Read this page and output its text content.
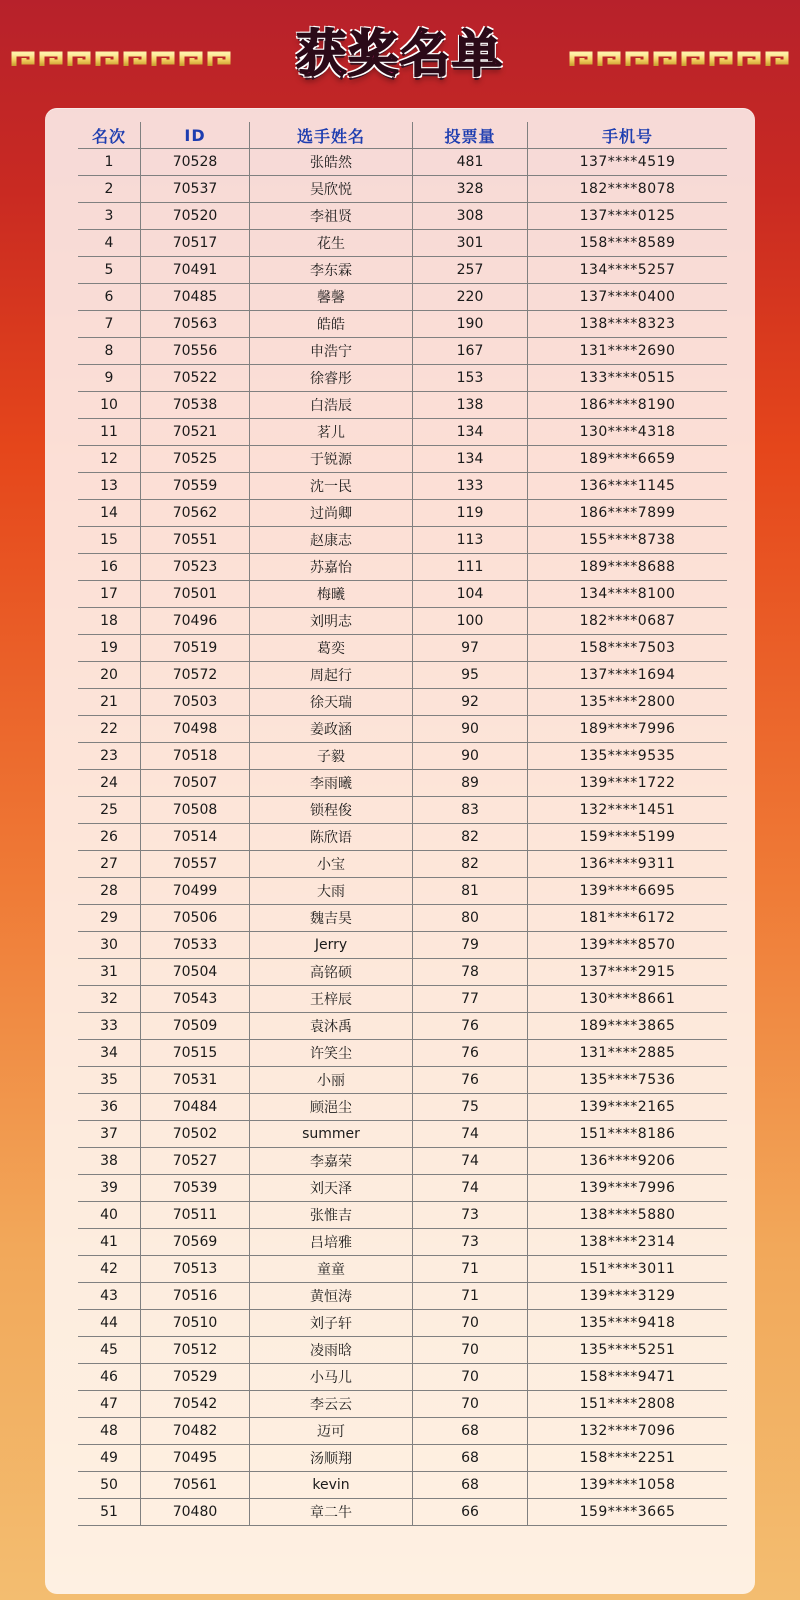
获奖名单
名次	ID	选手姓名	投票量	手机号
1	70528	张皓然	481	137****4519
2	70537	吴欣悦	328	182****8078
3	70520	李祖贤	308	137****0125
4	70517	花生	301	158****8589
5	70491	李东霖	257	134****5257
6	70485	馨馨	220	137****0400
7	70563	皓皓	190	138****8323
8	70556	申浩宁	167	131****2690
9	70522	徐睿彤	153	133****0515
10	70538	白浩辰	138	186****8190
11	70521	茗儿	134	130****4318
12	70525	于锐源	134	189****6659
13	70559	沈一民	133	136****1145
14	70562	过尚卿	119	186****7899
15	70551	赵康志	113	155****8738
16	70523	苏嘉怡	111	189****8688
17	70501	梅曦	104	134****8100
18	70496	刘明志	100	182****0687
19	70519	葛奕	97	158****7503
20	70572	周起行	95	137****1694
21	70503	徐天瑞	92	135****2800
22	70498	姜政涵	90	189****7996
23	70518	子毅	90	135****9535
24	70507	李雨曦	89	139****1722
25	70508	锁程俊	83	132****1451
26	70514	陈欣语	82	159****5199
27	70557	小宝	82	136****9311
28	70499	大雨	81	139****6695
29	70506	魏吉昊	80	181****6172
30	70533	Jerry	79	139****8570
31	70504	高铭硕	78	137****2915
32	70543	王梓辰	77	130****8661
33	70509	袁沐禹	76	189****3865
34	70515	许笑尘	76	131****2885
35	70531	小丽	76	135****7536
36	70484	顾浥尘	75	139****2165
37	70502	summer	74	151****8186
38	70527	李嘉荣	74	136****9206
39	70539	刘天泽	74	139****7996
40	70511	张惟吉	73	138****5880
41	70569	吕培雅	73	138****2314
42	70513	童童	71	151****3011
43	70516	黄恒涛	71	139****3129
44	70510	刘子轩	70	135****9418
45	70512	凌雨晗	70	135****5251
46	70529	小马儿	70	158****9471
47	70542	李云云	70	151****2808
48	70482	迈可	68	132****7096
49	70495	汤顺翔	68	158****2251
50	70561	kevin	68	139****1058
51	70480	章二牛	66	159****3665
